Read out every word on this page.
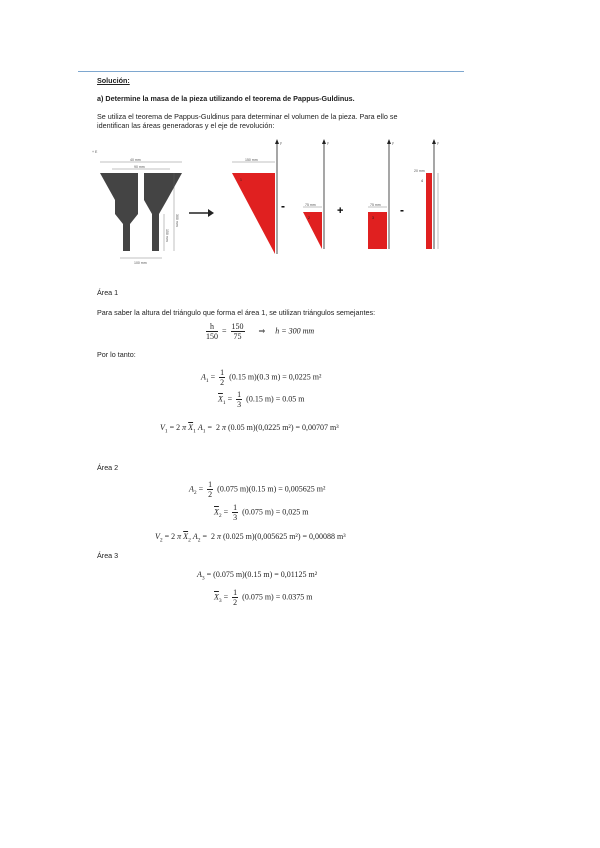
Solución:
a) Determine la masa de la pieza utilizando el teorema de Pappus-Guldinus.
Se utiliza el teorema de Pappus-Guldinus para determinar el volumen de la pieza. Para ello se
identifican las áreas generadoras y el eje de revolución:
+ E
40 mm
90 mm
300 mm
150 mm
100 mm
y
150 mm
1
-
y
75 mm
2
+
y
75 mm
3
-
y
20 mm
4
Área 1
Para saber la altura del triángulo que forma el área 1, se utilizan triángulos semejantes:
$\frac{h}{150} = \frac{150}{75}$ ⇒     h = 300 mm
Por lo tanto:
$A_1 = \frac{1}{2} (0.15$ m)(0.3 m) = 0,0225 m²
$\overline{X}_1 = \frac{1}{3} (0.15$ m) = 0.05 m
$V_1 = 2$ π $\overline{X}_1$ $A_1 = 2$ π (0.05 m)(0,0225 m²) = 0,00707 m³
Área 2
$A_2 = \frac{1}{2} (0.075$ m)(0.15 m) = 0,005625 m²
$\overline{X}_2 = \frac{1}{3} (0.075$ m) = 0,025 m
$V_2 = 2$ π $\overline{X}_2$ $A_2 = 2$ π (0.025 m)(0,005625 m²) = 0,00088 m³
Área 3
$A_3 = (0.075$ m)(0.15 m) = 0,01125 m²
$\overline{X}_3 = \frac{1}{2} (0.075$ m) = 0.0375 m
